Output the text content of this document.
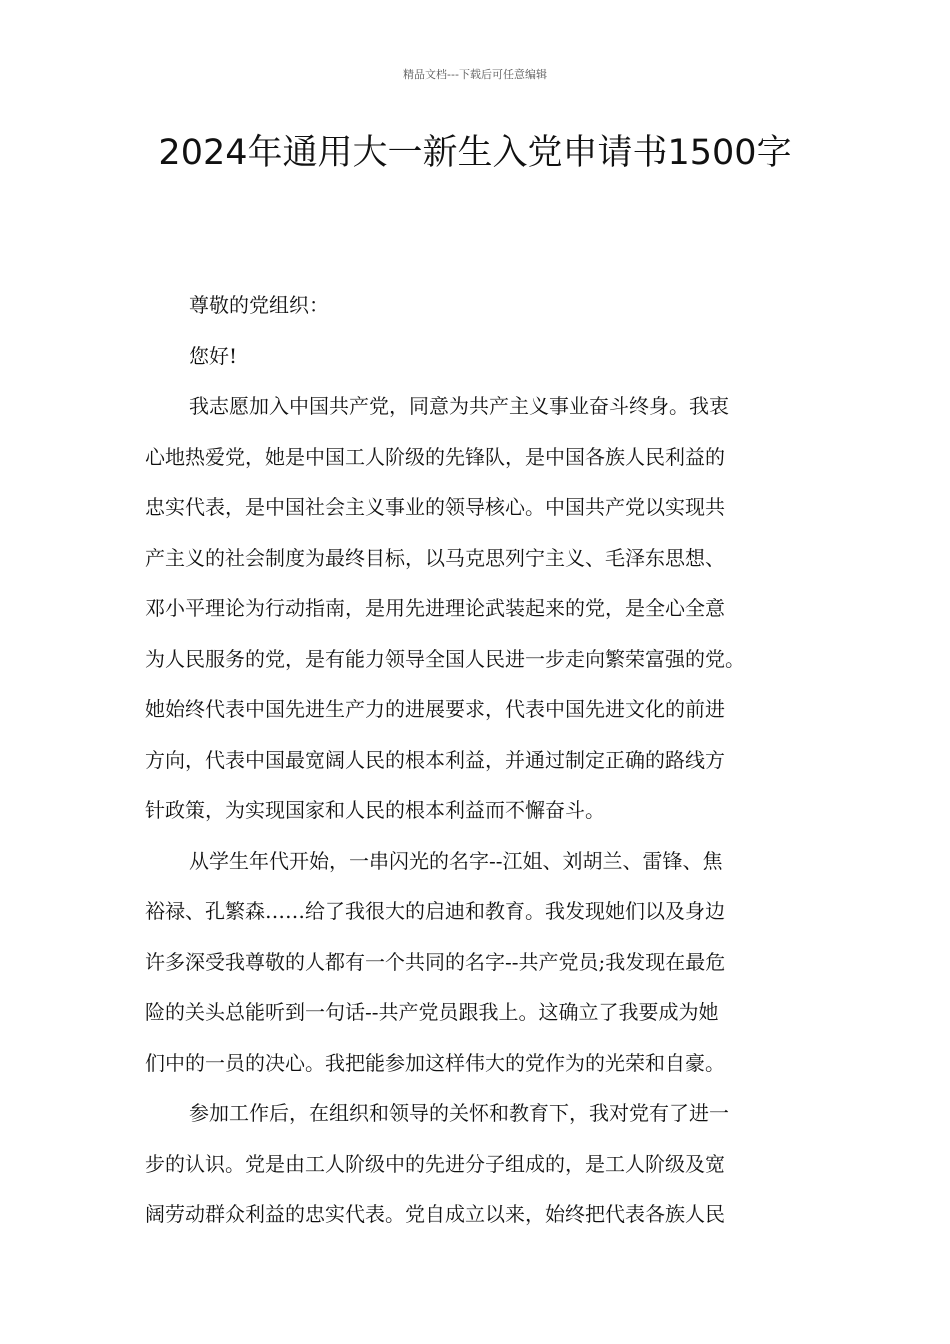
精品文档---下载后可任意编辑
2024年通用大一新生入党申请书1500字
尊敬的党组织：
您好!
我志愿加入中国共产党，同意为共产主义事业奋斗终身。我衷
心地热爱党，她是中国工人阶级的先锋队，是中国各族人民利益的
忠实代表，是中国社会主义事业的领导核心。中国共产党以实现共
产主义的社会制度为最终目标，以马克思列宁主义、毛泽东思想、
邓小平理论为行动指南，是用先进理论武装起来的党，是全心全意
为人民服务的党，是有能力领导全国人民进一步走向繁荣富强的党。
她始终代表中国先进生产力的进展要求，代表中国先进文化的前进
方向，代表中国最宽阔人民的根本利益，并通过制定正确的路线方
针政策，为实现国家和人民的根本利益而不懈奋斗。
从学生年代开始，一串闪光的名字--江姐、刘胡兰、雷锋、焦
裕禄、孔繁森……给了我很大的启迪和教育。我发现她们以及身边
许多深受我尊敬的人都有一个共同的名字--共产党员;我发现在最危
险的关头总能听到一句话--共产党员跟我上。这确立了我要成为她
们中的一员的决心。我把能参加这样伟大的党作为的光荣和自豪。
参加工作后，在组织和领导的关怀和教育下，我对党有了进一
步的认识。党是由工人阶级中的先进分子组成的，是工人阶级及宽
阔劳动群众利益的忠实代表。党自成立以来，始终把代表各族人民
